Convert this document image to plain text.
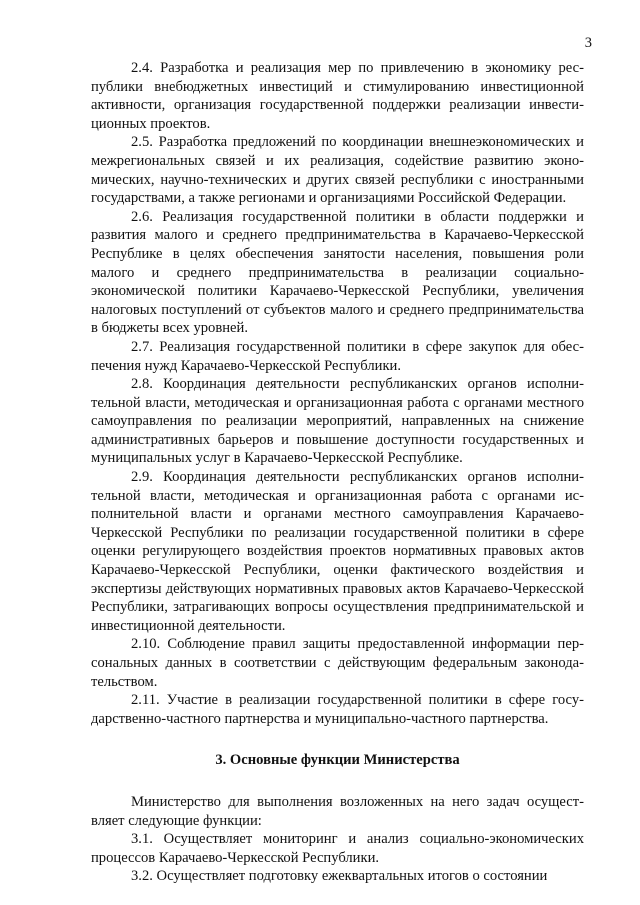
3

2.4. Разработка и реализация мер по привлечению в экономику республики внебюджетных инвестиций и стимулированию инвестиционной активности, организация государственной поддержки реализации инвестиционных проектов.

2.5. Разработка предложений по координации внешнеэкономических и межрегиональных связей и их реализация, содействие развитию экономических, научно-технических и других связей республики с иностранными государствами, а также регионами и организациями Российской Федерации.

2.6. Реализация государственной политики в области поддержки и развития малого и среднего предпринимательства в Карачаево-Черкесской Республике в целях обеспечения занятости населения, повышения роли малого и среднего предпринимательства в реализации социально-экономической политики Карачаево-Черкесской Республики, увеличения налоговых поступлений от субъектов малого и среднего предпринимательства в бюджеты всех уровней.

2.7. Реализация государственной политики в сфере закупок для обеспечения нужд Карачаево-Черкесской Республики.

2.8. Координация деятельности республиканских органов исполнительной власти, методическая и организационная работа с органами местного самоуправления по реализации мероприятий, направленных на снижение административных барьеров и повышение доступности государственных и муниципальных услуг в Карачаево-Черкесской Республике.

2.9. Координация деятельности республиканских органов исполнительной власти, методическая и организационная работа с органами исполнительной власти и органами местного самоуправления Карачаево-Черкесской Республики по реализации государственной политики в сфере оценки регулирующего воздействия проектов нормативных правовых актов Карачаево-Черкесской Республики, оценки фактического воздействия и экспертизы действующих нормативных правовых актов Карачаево-Черкесской Республики, затрагивающих вопросы осуществления предпринимательской и инвестиционной деятельности.

2.10. Соблюдение правил защиты предоставленной информации персональных данных в соответствии с действующим федеральным законодательством.

2.11. Участие в реализации государственной политики в сфере государственно-частного партнерства и муниципально-частного партнерства.

3. Основные функции Министерства

Министерство для выполнения возложенных на него задач осуществляет следующие функции:

3.1. Осуществляет мониторинг и анализ социально-экономических процессов Карачаево-Черкесской Республики.

3.2. Осуществляет подготовку ежеквартальных итогов о состоянии
